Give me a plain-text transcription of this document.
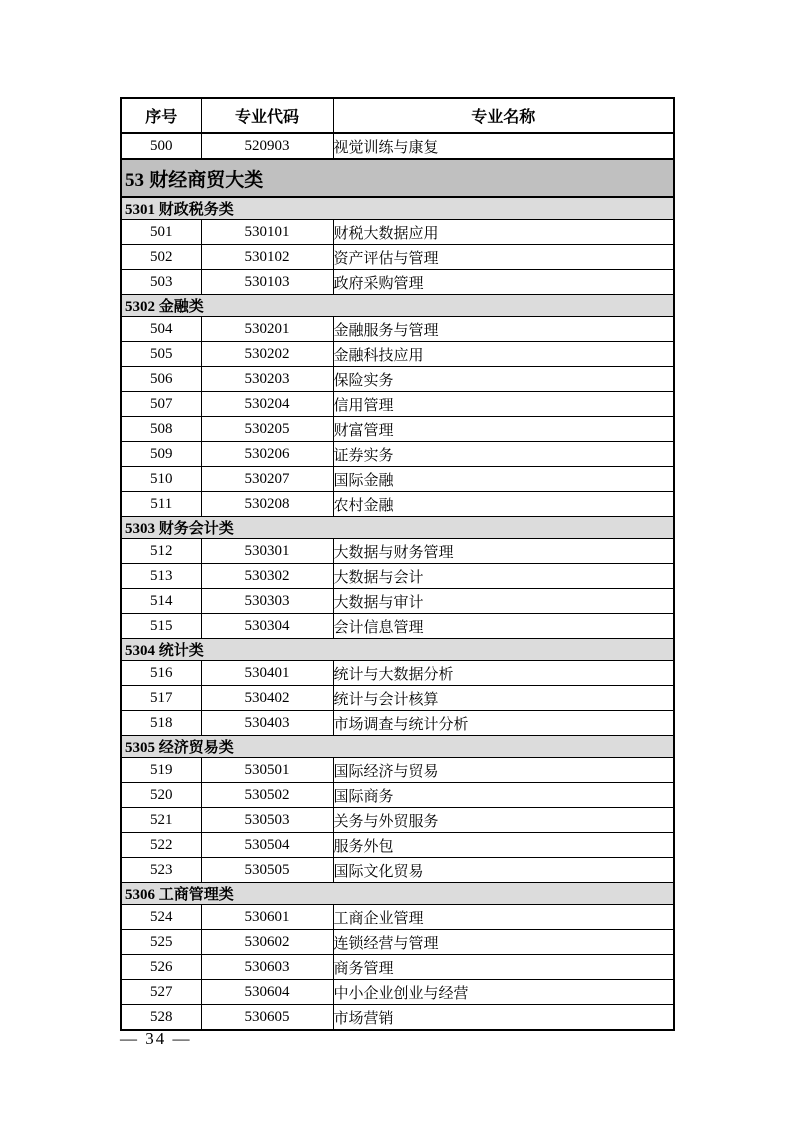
序号	专业代码	专业名称
500	520903	视觉训练与康复
53 财经商贸大类		
5301 财政税务类		
501	530101	财税大数据应用
502	530102	资产评估与管理
503	530103	政府采购管理
5302 金融类		
504	530201	金融服务与管理
505	530202	金融科技应用
506	530203	保险实务
507	530204	信用管理
508	530205	财富管理
509	530206	证券实务
510	530207	国际金融
511	530208	农村金融
5303 财务会计类		
512	530301	大数据与财务管理
513	530302	大数据与会计
514	530303	大数据与审计
515	530304	会计信息管理
5304 统计类		
516	530401	统计与大数据分析
517	530402	统计与会计核算
518	530403	市场调查与统计分析
5305 经济贸易类		
519	530501	国际经济与贸易
520	530502	国际商务
521	530503	关务与外贸服务
522	530504	服务外包
523	530505	国际文化贸易
5306 工商管理类		
524	530601	工商企业管理
525	530602	连锁经营与管理
526	530603	商务管理
527	530604	中小企业创业与经营
528	530605	市场营销
— 34 —
